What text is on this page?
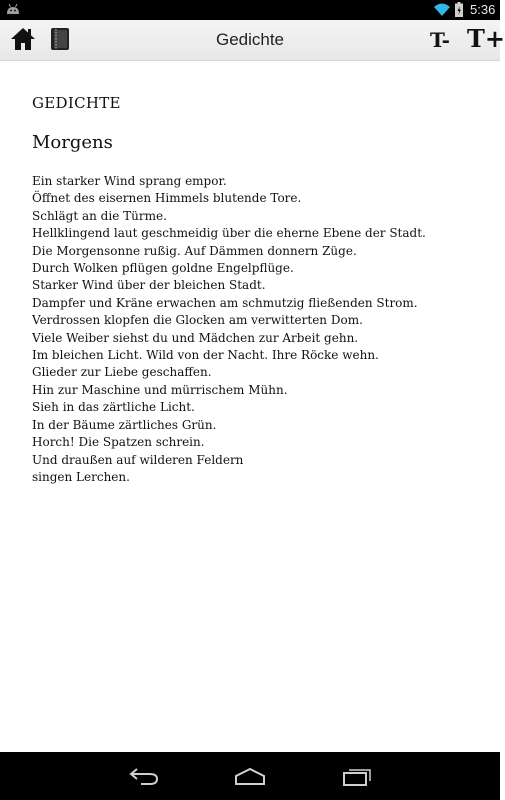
5:36
Gedichte	T- T+
GEDICHTE
Morgens
Ein starker Wind sprang empor.
Öffnet des eisernen Himmels blutende Tore.
Schlägt an die Türme.
Hellklingend laut geschmeidig über die eherne Ebene der Stadt.
Die Morgensonne rußig. Auf Dämmen donnern Züge.
Durch Wolken pflügen goldne Engelpflüge.
Starker Wind über der bleichen Stadt.
Dampfer und Kräne erwachen am schmutzig fließenden Strom.
Verdrossen klopfen die Glocken am verwitterten Dom.
Viele Weiber siehst du und Mädchen zur Arbeit gehn.
Im bleichen Licht. Wild von der Nacht. Ihre Röcke wehn.
Glieder zur Liebe geschaffen.
Hin zur Maschine und mürrischem Mühn.
Sieh in das zärtliche Licht.
In der Bäume zärtliches Grün.
Horch! Die Spatzen schrein.
Und draußen auf wilderen Feldern
singen Lerchen.
